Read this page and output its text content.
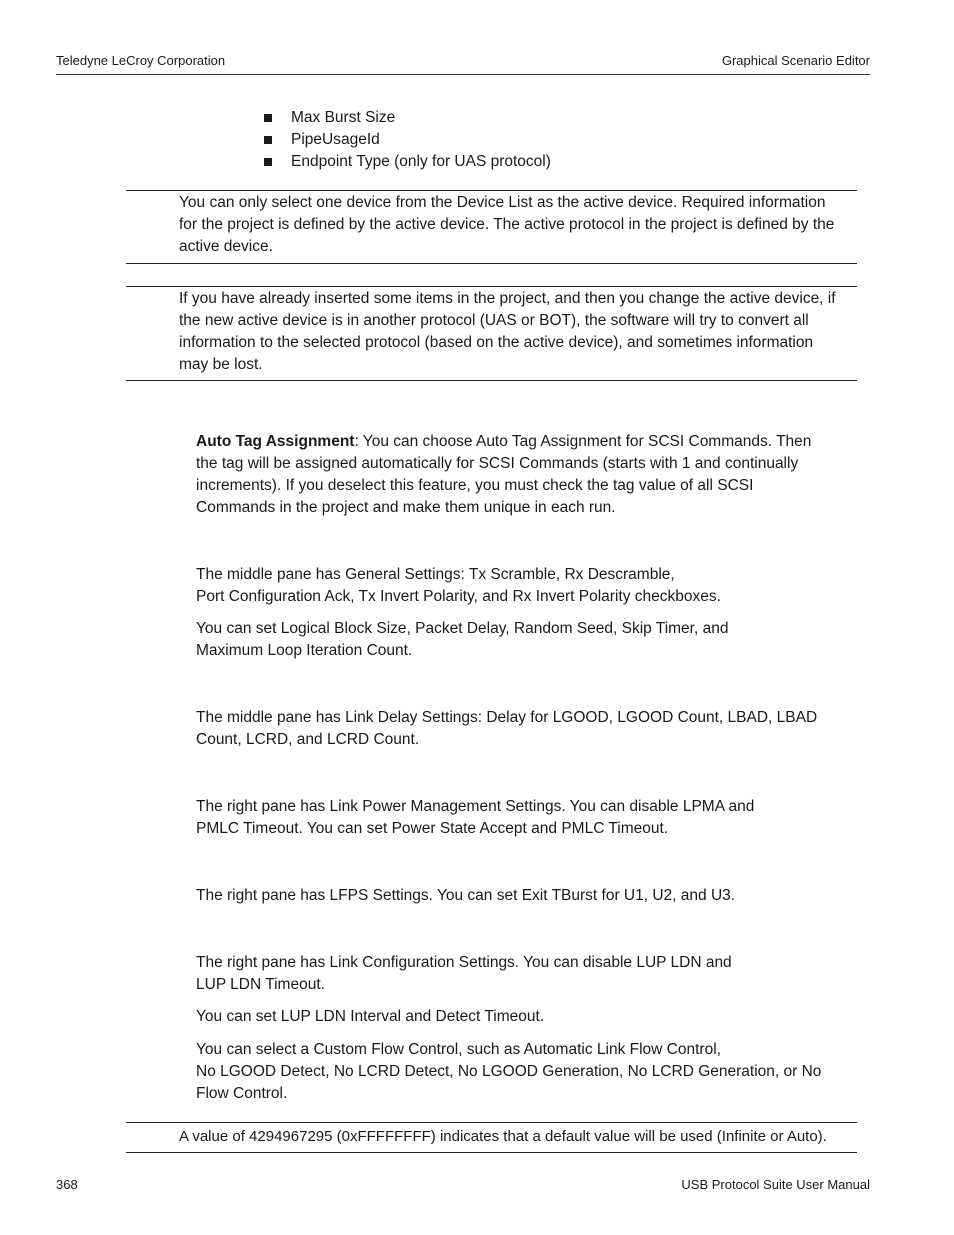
Teledyne LeCroy Corporation	Graphical Scenario Editor
Max Burst Size
PipeUsageId
Endpoint Type (only for UAS protocol)

You can only select one device from the Device List as the active device. Required information
for the project is defined by the active device. The active protocol in the project is defined by the
active device.

If you have already inserted some items in the project, and then you change the active device, if
the new active device is in another protocol (UAS or BOT), the software will try to convert all
information to the selected protocol (based on the active device), and sometimes information
may be lost.

Auto Tag Assignment: You can choose Auto Tag Assignment for SCSI Commands. Then
the tag will be assigned automatically for SCSI Commands (starts with 1 and continually
increments). If you deselect this feature, you must check the tag value of all SCSI
Commands in the project and make them unique in each run.

The middle pane has General Settings: Tx Scramble, Rx Descramble,
Port Configuration Ack, Tx Invert Polarity, and Rx Invert Polarity checkboxes.

You can set Logical Block Size, Packet Delay, Random Seed, Skip Timer, and
Maximum Loop Iteration Count.

The middle pane has Link Delay Settings: Delay for LGOOD, LGOOD Count, LBAD, LBAD
Count, LCRD, and LCRD Count.

The right pane has Link Power Management Settings. You can disable LPMA and
PMLC Timeout. You can set Power State Accept and PMLC Timeout.

The right pane has LFPS Settings. You can set Exit TBurst for U1, U2, and U3.

The right pane has Link Configuration Settings. You can disable LUP LDN and
LUP LDN Timeout.

You can set LUP LDN Interval and Detect Timeout.

You can select a Custom Flow Control, such as Automatic Link Flow Control,
No LGOOD Detect, No LCRD Detect, No LGOOD Generation, No LCRD Generation, or No
Flow Control.

A value of 4294967295 (0xFFFFFFFF) indicates that a default value will be used (Infinite or Auto).

368	USB Protocol Suite User Manual
